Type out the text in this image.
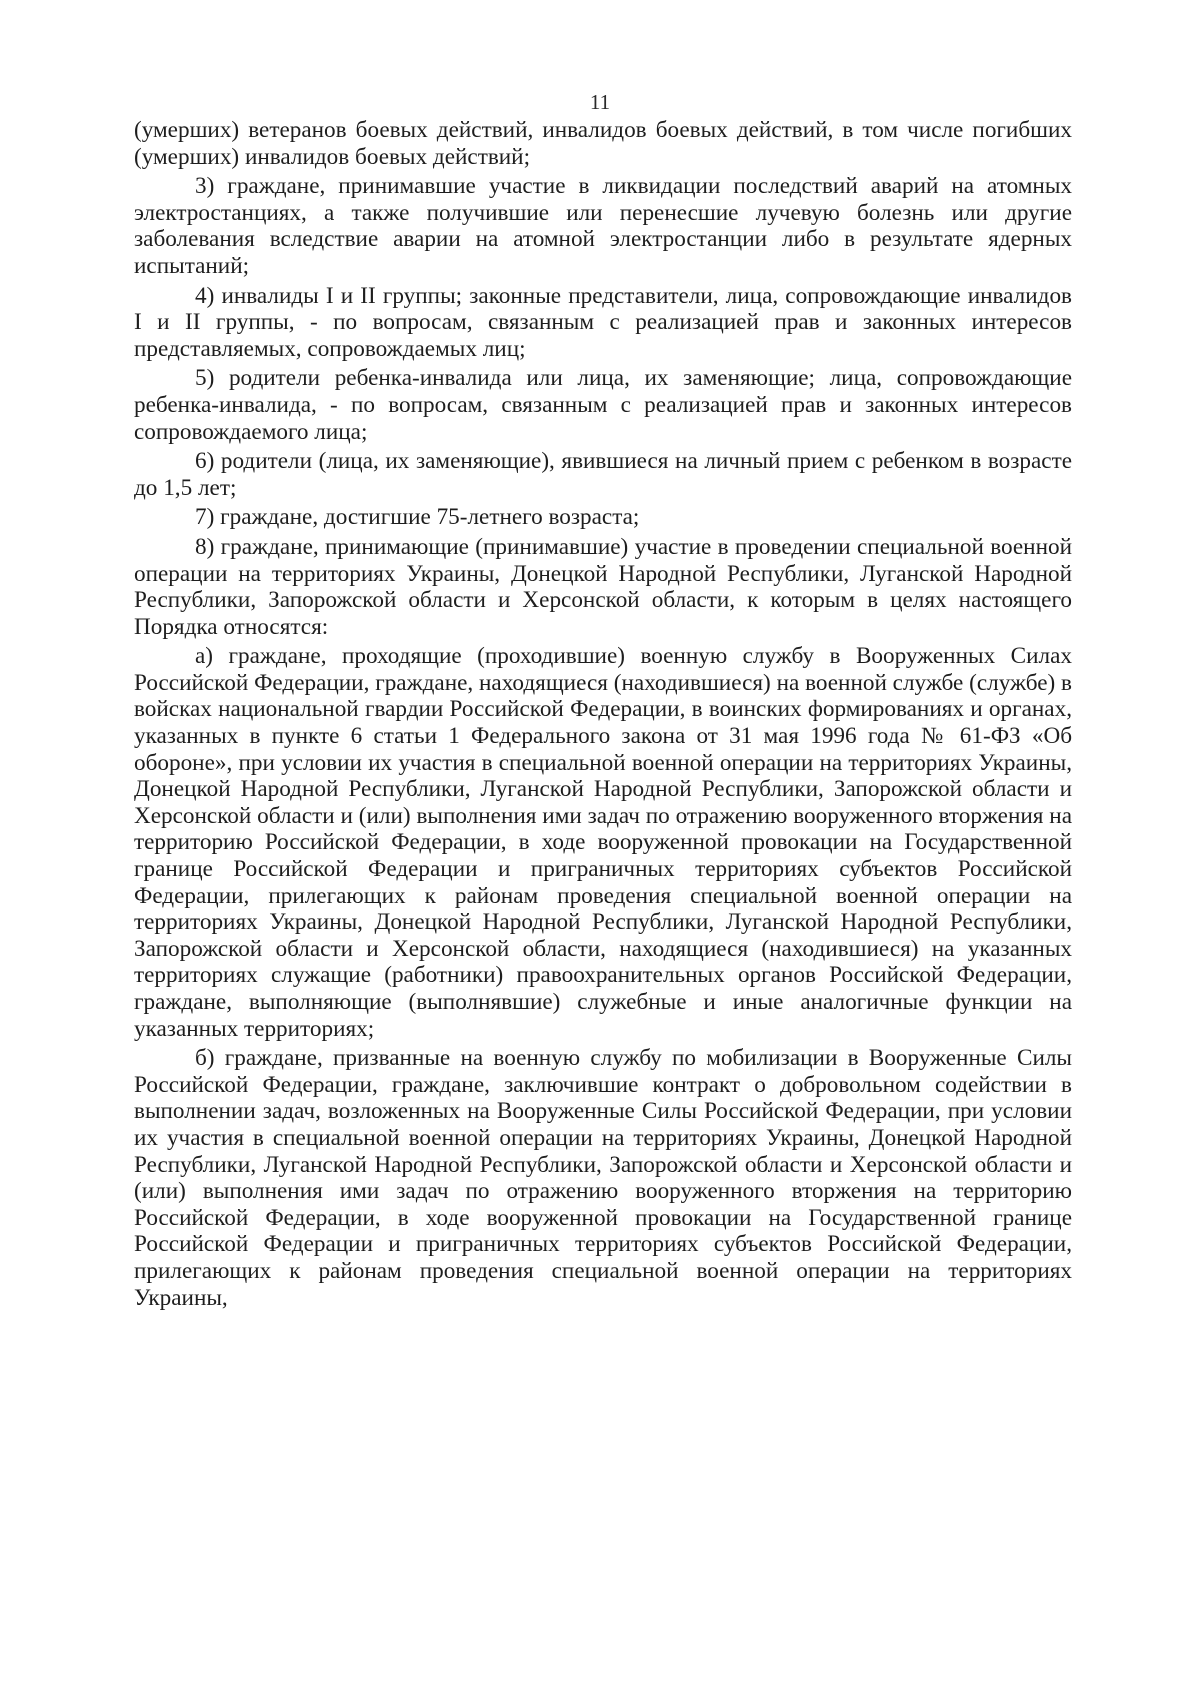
11

(умерших) ветеранов боевых действий, инвалидов боевых действий, в том числе погибших (умерших) инвалидов боевых действий;

3) граждане, принимавшие участие в ликвидации последствий аварий на атомных электростанциях, а также получившие или перенесшие лучевую болезнь или другие заболевания вследствие аварии на атомной электростанции либо в результате ядерных испытаний;

4) инвалиды I и II группы; законные представители, лица, сопровождающие инвалидов I и II группы, - по вопросам, связанным с реализацией прав и законных интересов представляемых, сопровождаемых лиц;

5) родители ребенка-инвалида или лица, их заменяющие; лица, сопровождающие ребенка-инвалида, - по вопросам, связанным с реализацией прав и законных интересов сопровождаемого лица;

6) родители (лица, их заменяющие), явившиеся на личный прием с ребенком в возрасте до 1,5 лет;

7) граждане, достигшие 75-летнего возраста;

8) граждане, принимающие (принимавшие) участие в проведении специальной военной операции на территориях Украины, Донецкой Народной Республики, Луганской Народной Республики, Запорожской области и Херсонской области, к которым в целях настоящего Порядка относятся:

а) граждане, проходящие (проходившие) военную службу в Вооруженных Силах Российской Федерации, граждане, находящиеся (находившиеся) на военной службе (службе) в войсках национальной гвардии Российской Федерации, в воинских формированиях и органах, указанных в пункте 6 статьи 1 Федерального закона от 31 мая 1996 года № 61-ФЗ «Об обороне», при условии их участия в специальной военной операции на территориях Украины, Донецкой Народной Республики, Луганской Народной Республики, Запорожской области и Херсонской области и (или) выполнения ими задач по отражению вооруженного вторжения на территорию Российской Федерации, в ходе вооруженной провокации на Государственной границе Российской Федерации и приграничных территориях субъектов Российской Федерации, прилегающих к районам проведения специальной военной операции на территориях Украины, Донецкой Народной Республики, Луганской Народной Республики, Запорожской области и Херсонской области, находящиеся (находившиеся) на указанных территориях служащие (работники) правоохранительных органов Российской Федерации, граждане, выполняющие (выполнявшие) служебные и иные аналогичные функции на указанных территориях;

б) граждане, призванные на военную службу по мобилизации в Вооруженные Силы Российской Федерации, граждане, заключившие контракт о добровольном содействии в выполнении задач, возложенных на Вооруженные Силы Российской Федерации, при условии их участия в специальной военной операции на территориях Украины, Донецкой Народной Республики, Луганской Народной Республики, Запорожской области и Херсонской области и (или) выполнения ими задач по отражению вооруженного вторжения на территорию Российской Федерации, в ходе вооруженной провокации на Государственной границе Российской Федерации и приграничных территориях субъектов Российской Федерации, прилегающих к районам проведения специальной военной операции на территориях Украины,
